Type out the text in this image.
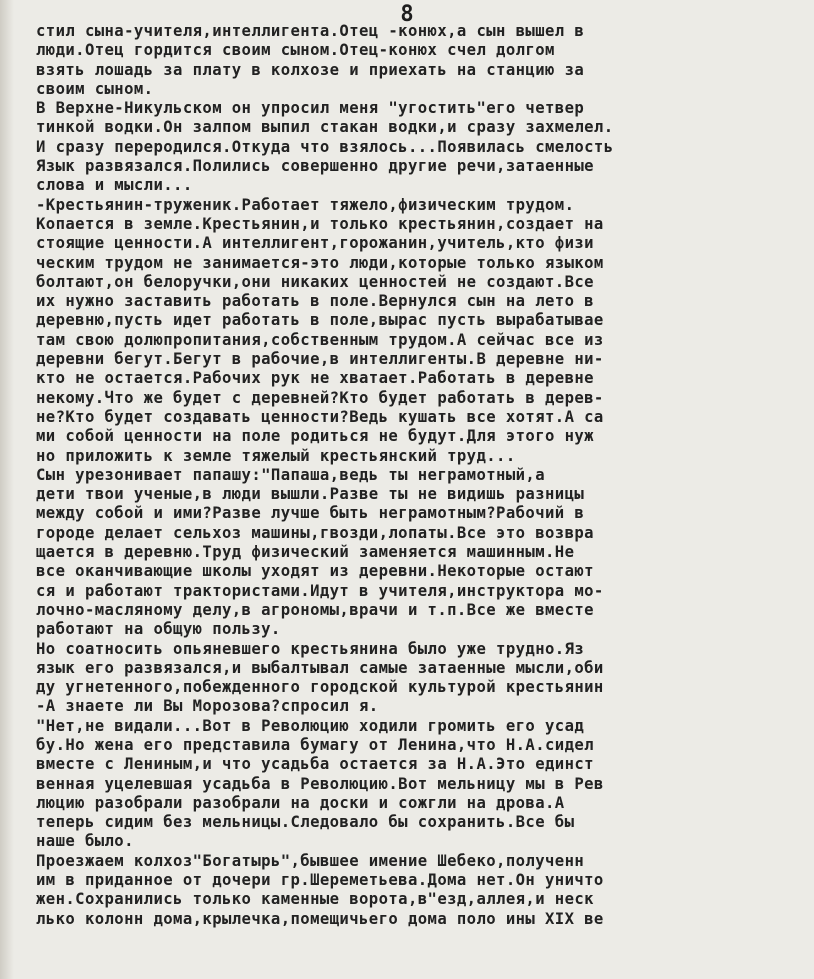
8
стил сына-учителя,интеллигента.Отец -конюх,а сын вышел в
люди.Отец гордится своим сыном.Отец-конюх счел долгом
взять лошадь за плату в колхозе и приехать на станцию за
своим сыном.
В Верхне-Никульском он упросил меня "угостить"его четвер
тинкой водки.Он залпом выпил стакан водки,и сразу захмелел.
И сразу переродился.Откуда что взялось...Появилась смелость
Язык развязался.Полились совершенно другие речи,затаенные
слова и мысли...
-Крестьянин-труженик.Работает тяжело,физическим трудом.
Копается в земле.Крестьянин,и только крестьянин,создает на
стоящие ценности.А интеллигент,горожанин,учитель,кто физи
ческим трудом не занимается-это люди,которые только языком
болтают,он белоручки,они никаких ценностей не создают.Все
их нужно заставить работать в поле.Вернулся сын на лето в
деревню,пусть идет работать в поле,вырас пусть вырабатывае
там свою долюпропитания,собственным трудом.А сейчас все из
деревни бегут.Бегут в рабочие,в интеллигенты.В деревне ни-
кто не остается.Рабочих рук не хватает.Работать в деревне
некому.Что же будет с деревней?Кто будет работать в дерев-
не?Кто будет создавать ценности?Ведь кушать все хотят.А са
ми собой ценности на поле родиться не будут.Для этого нуж
но приложить к земле тяжелый крестьянский труд...
Сын урезонивает папашу:"Папаша,ведь ты неграмотный,а
дети твои ученые,в люди вышли.Разве ты не видишь разницы
между собой и ими?Разве лучше быть неграмотным?Рабочий в
городе делает сельхоз машины,гвозди,лопаты.Все это возвра
щается в деревню.Труд физический заменяется машинным.Не
все оканчивающие школы уходят из деревни.Некоторые остают
ся и работают трактористами.Идут в учителя,инструктора мо-
лочно-масляному делу,в агрономы,врачи и т.п.Все же вместе
работают на общую пользу.
Но соатносить опьяневшего крестьянина было уже трудно.Яз
язык его развязался,и выбалтывал самые затаенные мысли,оби
ду угнетенного,побежденного городской культурой крестьянин
-А знаете ли Вы Морозова?спросил я.
"Нет,не видали...Вот в Революцию ходили громить его усад
бу.Но жена его представила бумагу от Ленина,что Н.А.сидел
вместе с Лениным,и что усадьба остается за Н.А.Это единст
венная уцелевшая усадьба в Революцию.Вот мельницу мы в Рев
люцию разобрали разобрали на доски и сожгли на дрова.А
теперь сидим без мельницы.Следовало бы сохранить.Все бы
наше было.
Проезжаем колхоз"Богатырь",бывшее имение Шебеко,полученн
им в приданное от дочери гр.Шереметьева.Дома нет.Он уничто
жен.Сохранились только каменные ворота,в"езд,аллея,и неск
лько колонн дома,крылечка,помещичьего дома поло ины XIX ве
